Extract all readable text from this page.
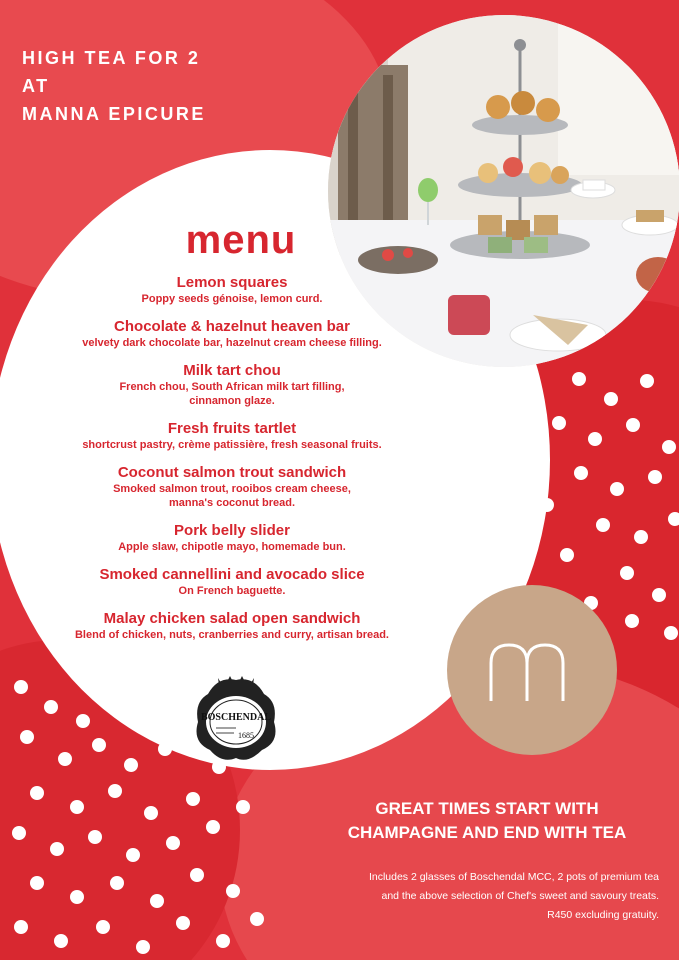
HIGH TEA FOR 2
AT
MANNA EPICURE
menu
Lemon squares
Poppy seeds génoise, lemon curd.
Chocolate & hazelnut heaven bar
velvety dark chocolate bar, hazelnut cream cheese filling.
Milk tart chou
French chou, South African milk tart filling,
cinnamon glaze.
Fresh fruits tartlet
shortcrust pastry, crème patissière, fresh seasonal fruits.
Coconut salmon trout sandwich
Smoked salmon trout, rooibos cream cheese,
manna's coconut bread.
Pork belly slider
Apple slaw, chipotle mayo, homemade bun.
Smoked cannellini and avocado slice
On French baguette.
Malay chicken salad open sandwich
Blend of chicken, nuts, cranberries and curry, artisan bread.
BOSCHENDAL
1685
GREAT TIMES START WITH
CHAMPAGNE AND END WITH TEA
Includes 2 glasses of Boschendal MCC, 2 pots of premium tea
and the above selection of Chef's sweet and savoury treats.
R450 excluding gratuity.
